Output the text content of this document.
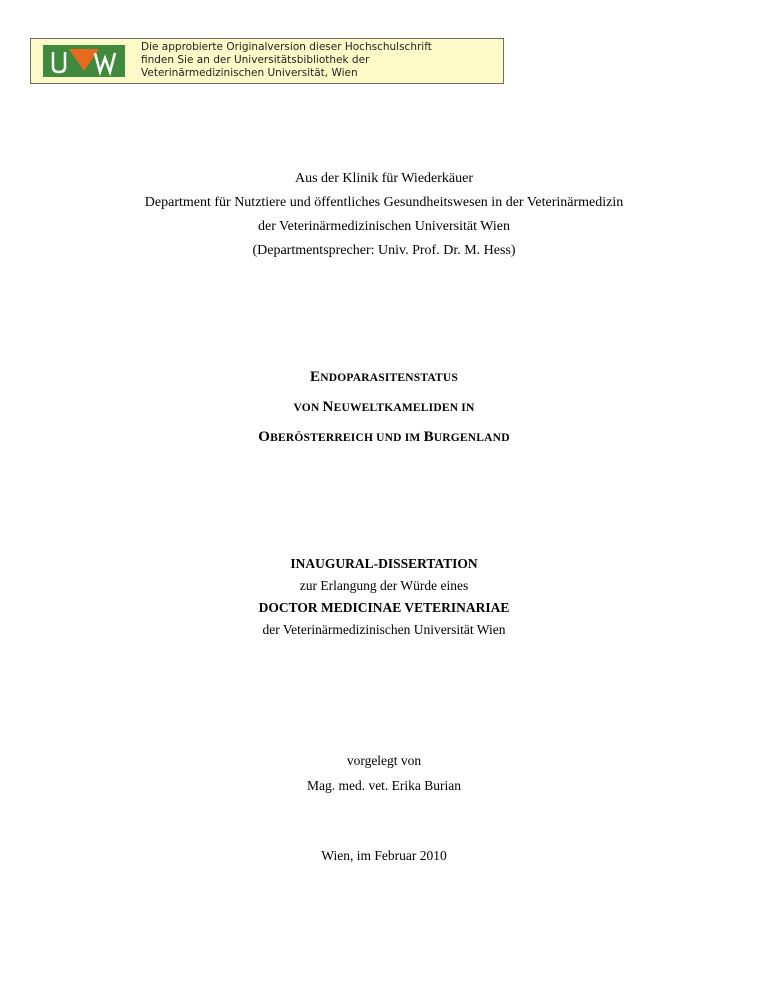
Die approbierte Originalversion dieser Hochschulschrift
finden Sie an der Universitätsbibliothek der
Veterinärmedizinischen Universität, Wien
Aus der Klinik für Wiederkäuer
Department für Nutztiere und öffentliches Gesundheitswesen in der Veterinärmedizin
der Veterinärmedizinischen Universität Wien
(Departmentsprecher: Univ. Prof. Dr. M. Hess)
ENDOPARASITENSTATUS
VON NEUWELTKAMELIDEN IN
OBERÖSTERREICH UND IM BURGENLAND
INAUGURAL-DISSERTATION
zur Erlangung der Würde eines
DOCTOR MEDICINAE VETERINARIAE
der Veterinärmedizinischen Universität Wien
vorgelegt von
Mag. med. vet. Erika Burian
Wien, im Februar 2010
